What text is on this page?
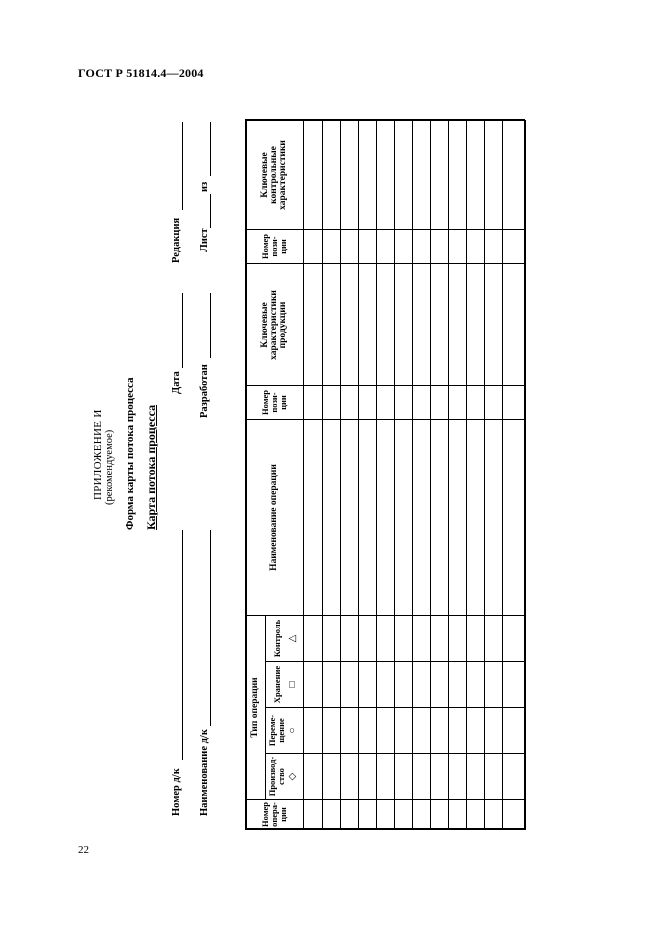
ГОСТ Р 51814.4—2004
ПРИЛОЖЕНИЕ И (рекомендуемое) Форма карты потока процесса Карта потока процесса
Номер д/к
Дата
Редакция
Наименование д/к
Разработан
Лист
из
Номер опера-ции
Тип операции
Производ-ство
Переме-щение
Хранение
Контроль
◇
○
□
△
Наименование операции
Номер пози-ции
Ключевые характеристики продукции
Номер пози-ции
Ключевые контрольные характеристики
22
